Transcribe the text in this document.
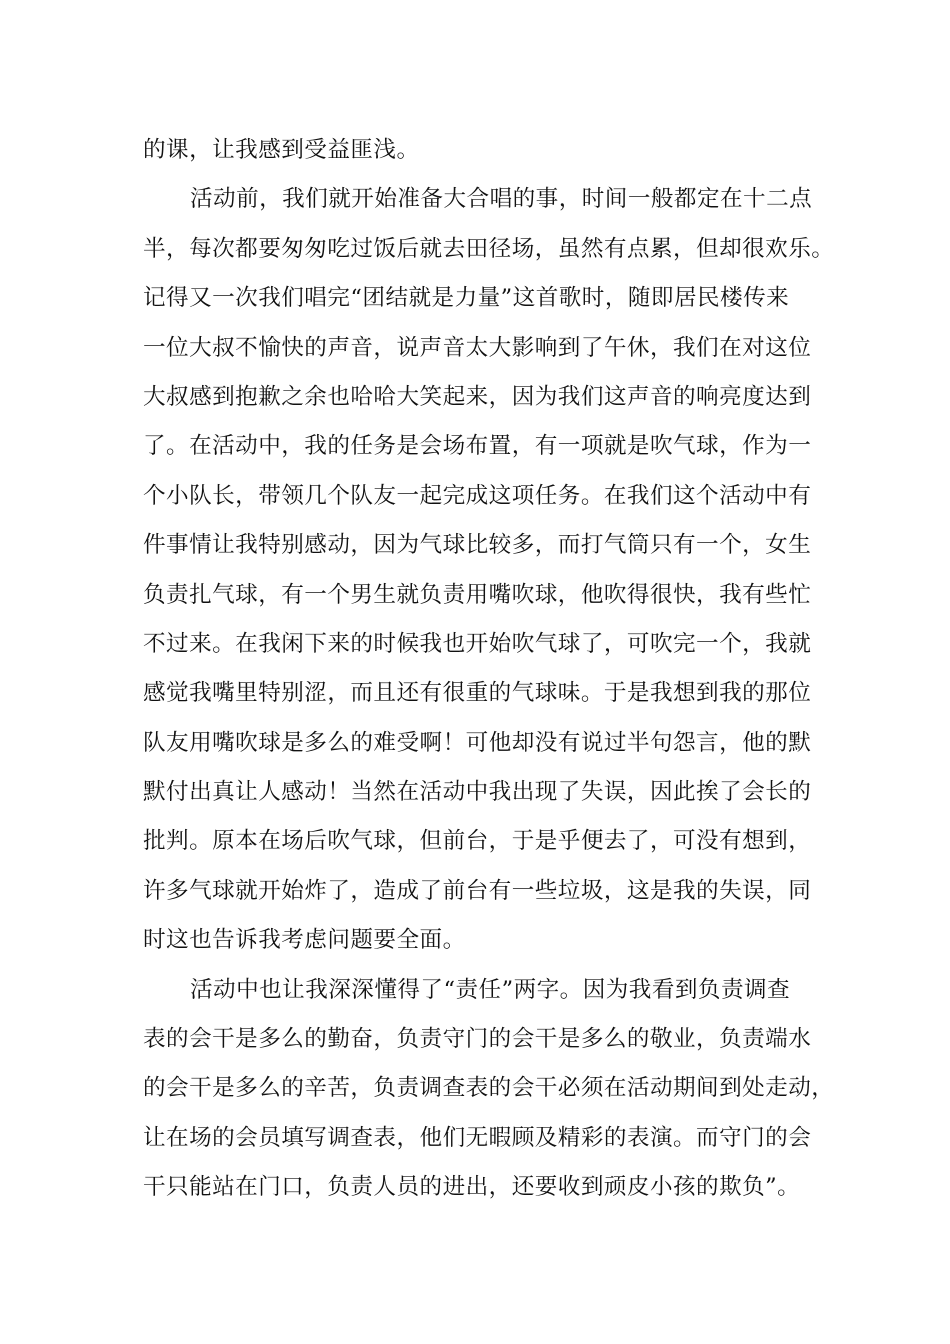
的课，让我感到受益匪浅。
活动前，我们就开始准备大合唱的事，时间一般都定在十二点
半，每次都要匆匆吃过饭后就去田径场，虽然有点累，但却很欢乐。
记得又一次我们唱完“团结就是力量”这首歌时，随即居民楼传来
一位大叔不愉快的声音，说声音太大影响到了午休，我们在对这位
大叔感到抱歉之余也哈哈大笑起来，因为我们这声音的响亮度达到
了。在活动中，我的任务是会场布置，有一项就是吹气球，作为一
个小队长，带领几个队友一起完成这项任务。在我们这个活动中有
件事情让我特别感动，因为气球比较多，而打气筒只有一个，女生
负责扎气球，有一个男生就负责用嘴吹球，他吹得很快，我有些忙
不过来。在我闲下来的时候我也开始吹气球了，可吹完一个，我就
感觉我嘴里特别涩，而且还有很重的气球味。于是我想到我的那位
队友用嘴吹球是多么的难受啊！可他却没有说过半句怨言，他的默
默付出真让人感动！当然在活动中我出现了失误，因此挨了会长的
批判。原本在场后吹气球，但前台，于是乎便去了，可没有想到，
许多气球就开始炸了，造成了前台有一些垃圾，这是我的失误，同
时这也告诉我考虑问题要全面。
活动中也让我深深懂得了“责任”两字。因为我看到负责调查
表的会干是多么的勤奋，负责守门的会干是多么的敬业，负责端水
的会干是多么的辛苦，负责调查表的会干必须在活动期间到处走动，
让在场的会员填写调查表，他们无暇顾及精彩的表演。而守门的会
干只能站在门口，负责人员的进出，还要收到顽皮小孩的欺负”。
